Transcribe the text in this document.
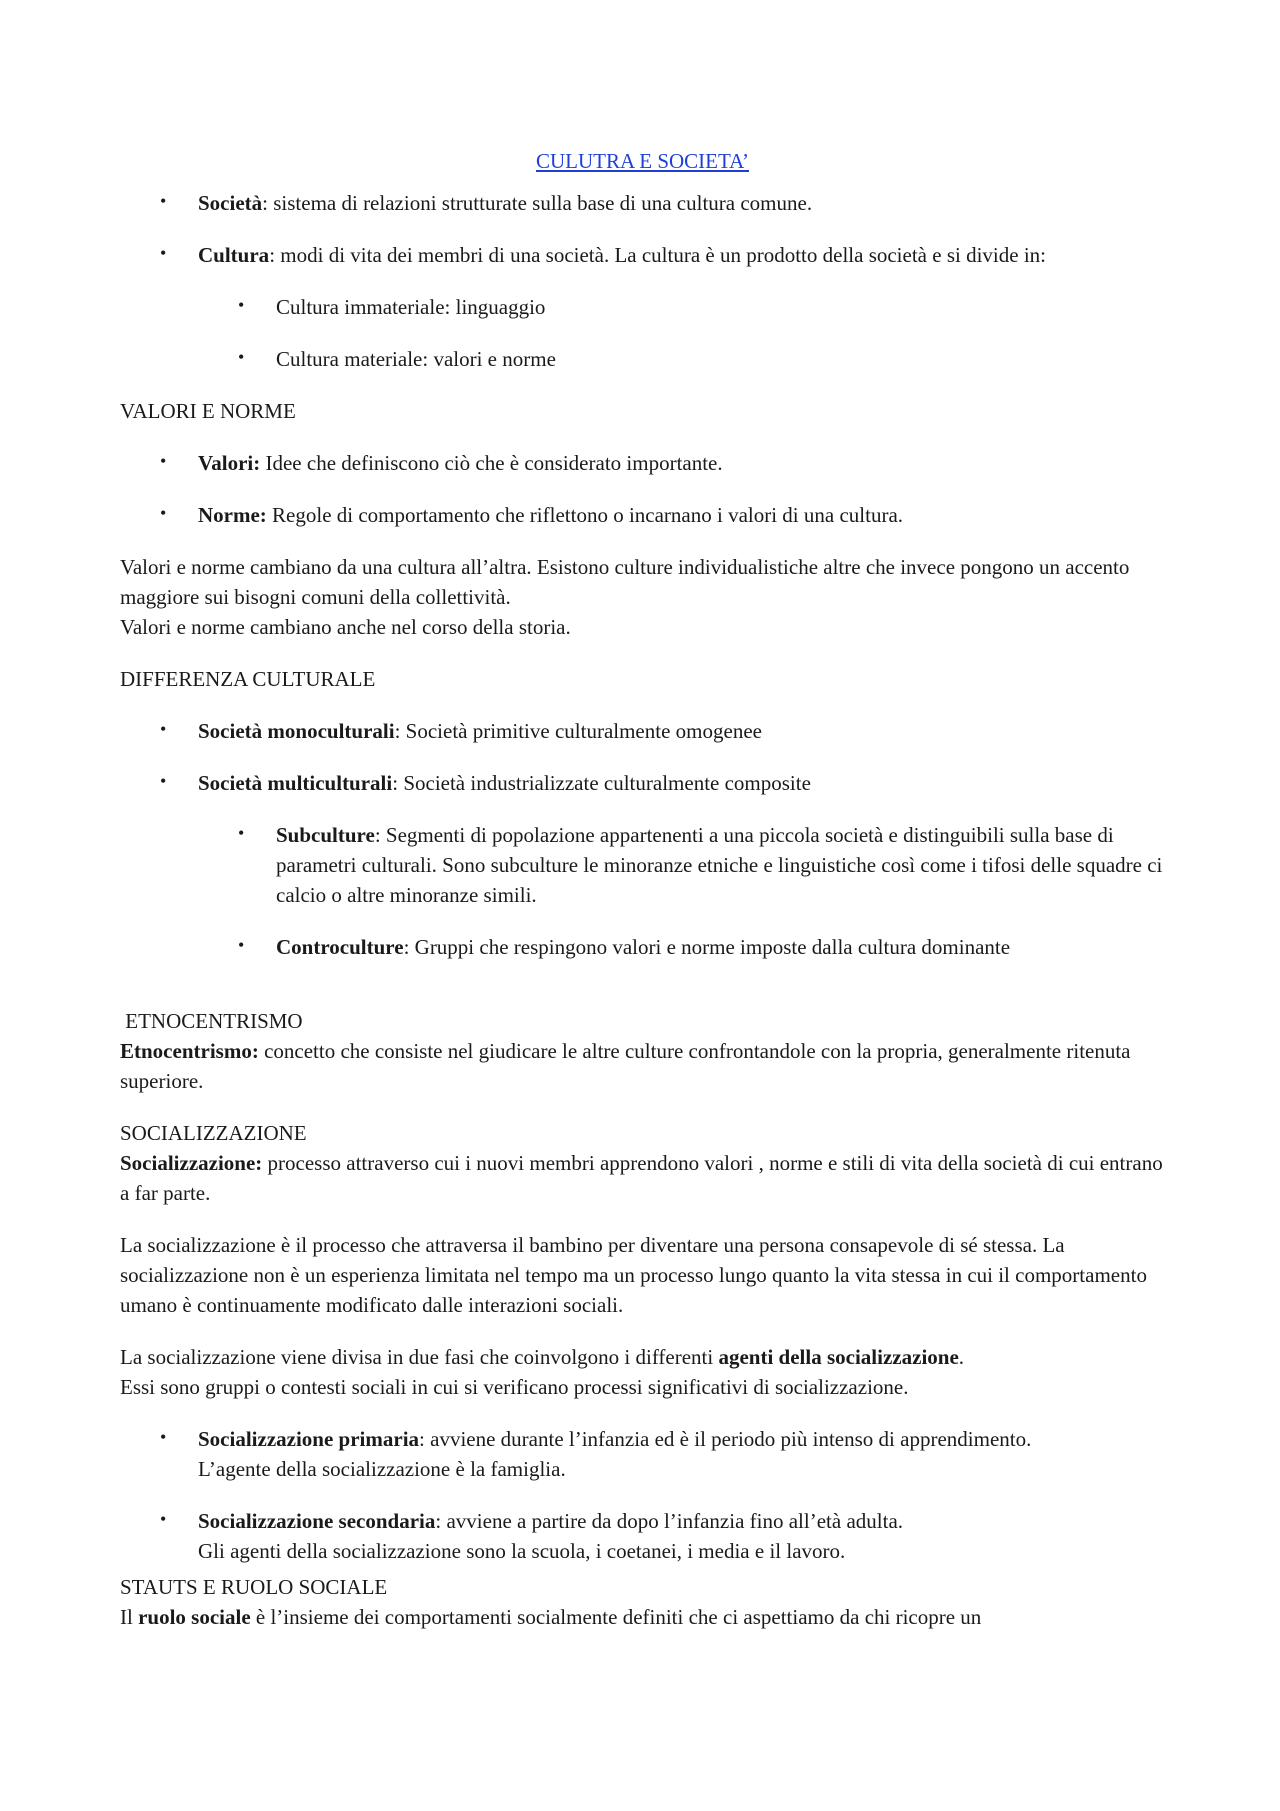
CULUTRA E SOCIETA’
• Società: sistema di relazioni strutturate sulla base di una cultura comune.
• Cultura: modi di vita dei membri di una società. La cultura è un prodotto della società e si divide in:
• Cultura immateriale: linguaggio
• Cultura materiale: valori e norme

VALORI E NORME

• Valori: Idee che definiscono ciò che è considerato importante.
• Norme: Regole di comportamento che riflettono o incarnano i valori di una cultura.

Valori e norme cambiano da una cultura all’altra. Esistono culture individualistiche altre che invece pongono un accento maggiore sui bisogni comuni della collettività.

Valori e norme cambiano anche nel corso della storia.

DIFFERENZA CULTURALE

• Società monoculturali: Società primitive culturalmente omogenee
• Società multiculturali: Società industrializzate culturalmente composite
• Subculture: Segmenti di popolazione appartenenti a una piccola società e distinguibili sulla base di parametri culturali. Sono subculture le minoranze etniche e linguistiche così come i tifosi delle squadre ci calcio o altre minoranze simili.
• Controculture: Gruppi che respingono valori e norme imposte dalla cultura dominante

ETNOCENTRISMO

Etnocentrismo: concetto che consiste nel giudicare le altre culture confrontandole con la propria, generalmente ritenuta superiore.

SOCIALIZZAZIONE

Socializzazione: processo attraverso cui i nuovi membri apprendono valori , norme e stili di vita della società di cui entrano a far parte.

La socializzazione è il processo che attraversa il bambino per diventare una persona consapevole di sé stessa. La socializzazione non è un esperienza limitata nel tempo ma un processo lungo quanto la vita stessa in cui il comportamento umano è continuamente modificato dalle interazioni sociali.

La socializzazione viene divisa in due fasi che coinvolgono i differenti agenti della socializzazione.

Essi sono gruppi o contesti sociali in cui si verificano processi significativi di socializzazione.

• Socializzazione primaria: avviene durante l’infanzia ed è il periodo più intenso di apprendimento.
L’agente della socializzazione è la famiglia.
• Socializzazione secondaria: avviene a partire da dopo l’infanzia fino all’età adulta.
Gli agenti della socializzazione sono la scuola, i coetanei, i media e il lavoro.

STAUTS E RUOLO SOCIALE

Il ruolo sociale è l’insieme dei comportamenti socialmente definiti che ci aspettiamo da chi ricopre un
